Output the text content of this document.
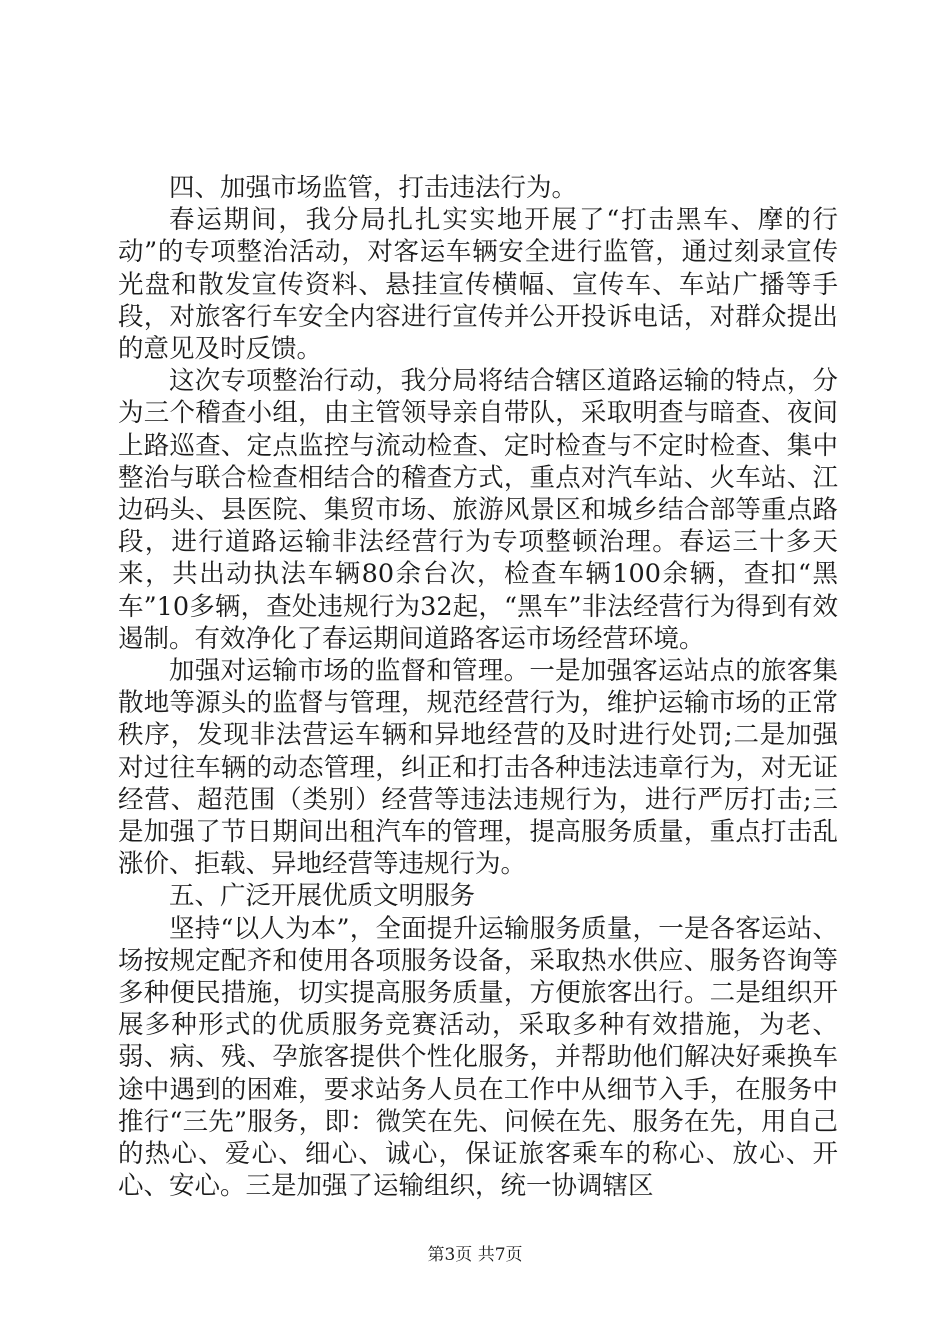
四、加强市场监管，打击违法行为。

春运期间，我分局扎扎实实地开展了“打击黑车、摩的行动”的专项整治活动，对客运车辆安全进行监管，通过刻录宣传光盘和散发宣传资料、悬挂宣传横幅、宣传车、车站广播等手段，对旅客行车安全内容进行宣传并公开投诉电话，对群众提出的意见及时反馈。

这次专项整治行动，我分局将结合辖区道路运输的特点，分为三个稽查小组，由主管领导亲自带队，采取明查与暗查、夜间上路巡查、定点监控与流动检查、定时检查与不定时检查、集中整治与联合检查相结合的稽查方式，重点对汽车站、火车站、江边码头、县医院、集贸市场、旅游风景区和城乡结合部等重点路段，进行道路运输非法经营行为专项整顿治理。春运三十多天来，共出动执法车辆80余台次，检查车辆100余辆，查扣“黑车”10多辆，查处违规行为32起，“黑车”非法经营行为得到有效遏制。有效净化了春运期间道路客运市场经营环境。

加强对运输市场的监督和管理。一是加强客运站点的旅客集散地等源头的监督与管理，规范经营行为，维护运输市场的正常秩序，发现非法营运车辆和异地经营的及时进行处罚;二是加强对过往车辆的动态管理，纠正和打击各种违法违章行为，对无证经营、超范围（类别）经营等违法违规行为，进行严厉打击;三是加强了节日期间出租汽车的管理，提高服务质量，重点打击乱涨价、拒载、异地经营等违规行为。

五、广泛开展优质文明服务

坚持“以人为本”，全面提升运输服务质量，一是各客运站、场按规定配齐和使用各项服务设备，采取热水供应、服务咨询等多种便民措施，切实提高服务质量，方便旅客出行。二是组织开展多种形式的优质服务竞赛活动，采取多种有效措施，为老、弱、病、残、孕旅客提供个性化服务，并帮助他们解决好乘换车途中遇到的困难，要求站务人员在工作中从细节入手，在服务中推行“三先”服务，即：微笑在先、问候在先、服务在先，用自己的热心、爱心、细心、诚心，保证旅客乘车的称心、放心、开心、安心。三是加强了运输组织，统一协调辖区

第3页 共7页
